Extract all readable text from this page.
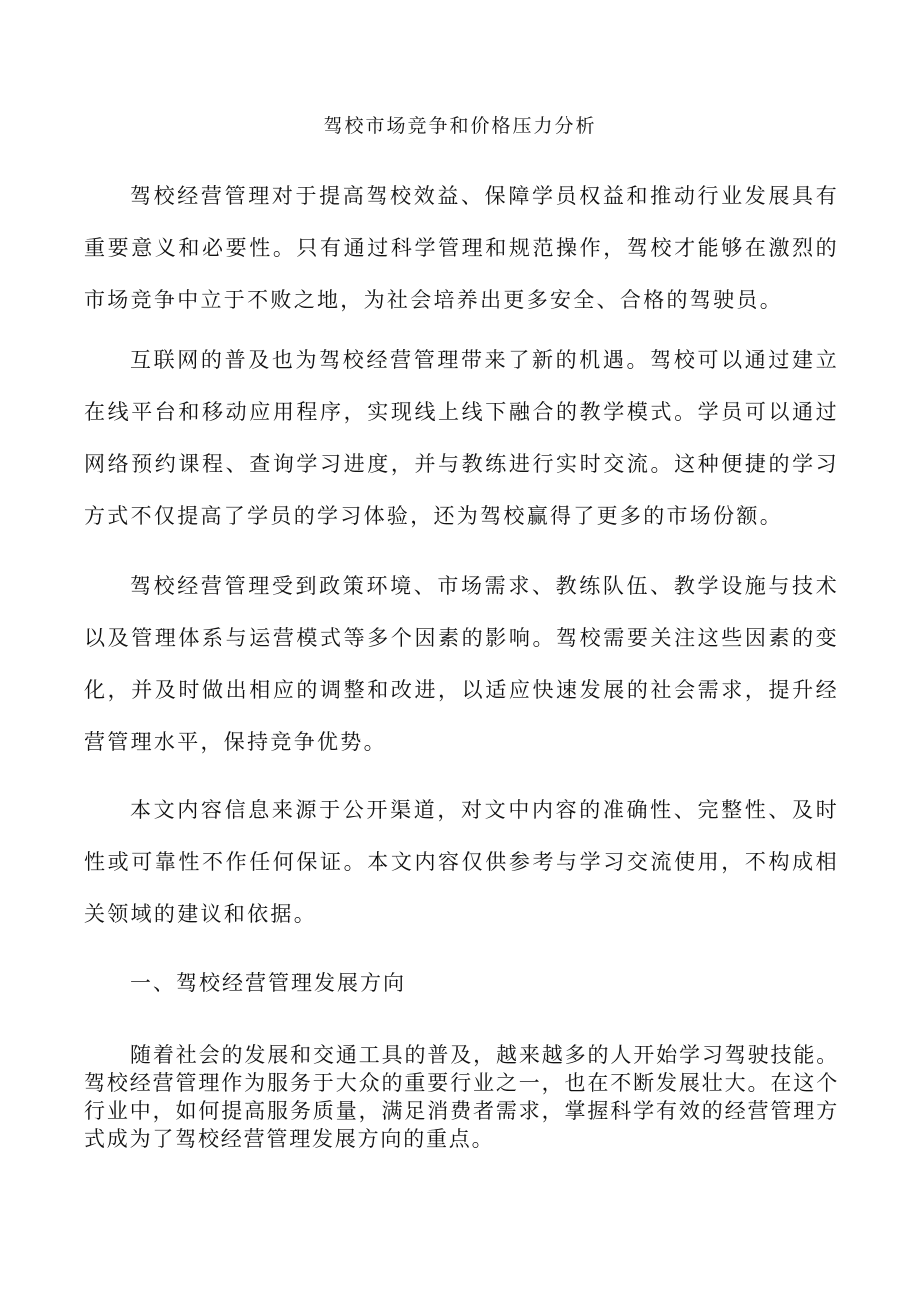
驾校市场竞争和价格压力分析

驾校经营管理对于提高驾校效益、保障学员权益和推动行业发展具有重要意义和必要性。只有通过科学管理和规范操作，驾校才能够在激烈的市场竞争中立于不败之地，为社会培养出更多安全、合格的驾驶员。

互联网的普及也为驾校经营管理带来了新的机遇。驾校可以通过建立在线平台和移动应用程序，实现线上线下融合的教学模式。学员可以通过网络预约课程、查询学习进度，并与教练进行实时交流。这种便捷的学习方式不仅提高了学员的学习体验，还为驾校赢得了更多的市场份额。

驾校经营管理受到政策环境、市场需求、教练队伍、教学设施与技术以及管理体系与运营模式等多个因素的影响。驾校需要关注这些因素的变化，并及时做出相应的调整和改进，以适应快速发展的社会需求，提升经营管理水平，保持竞争优势。

本文内容信息来源于公开渠道，对文中内容的准确性、完整性、及时性或可靠性不作任何保证。本文内容仅供参考与学习交流使用，不构成相关领域的建议和依据。

一、驾校经营管理发展方向

随着社会的发展和交通工具的普及，越来越多的人开始学习驾驶技能。驾校经营管理作为服务于大众的重要行业之一，也在不断发展壮大。在这个行业中，如何提高服务质量，满足消费者需求，掌握科学有效的经营管理方式成为了驾校经营管理发展方向的重点。
